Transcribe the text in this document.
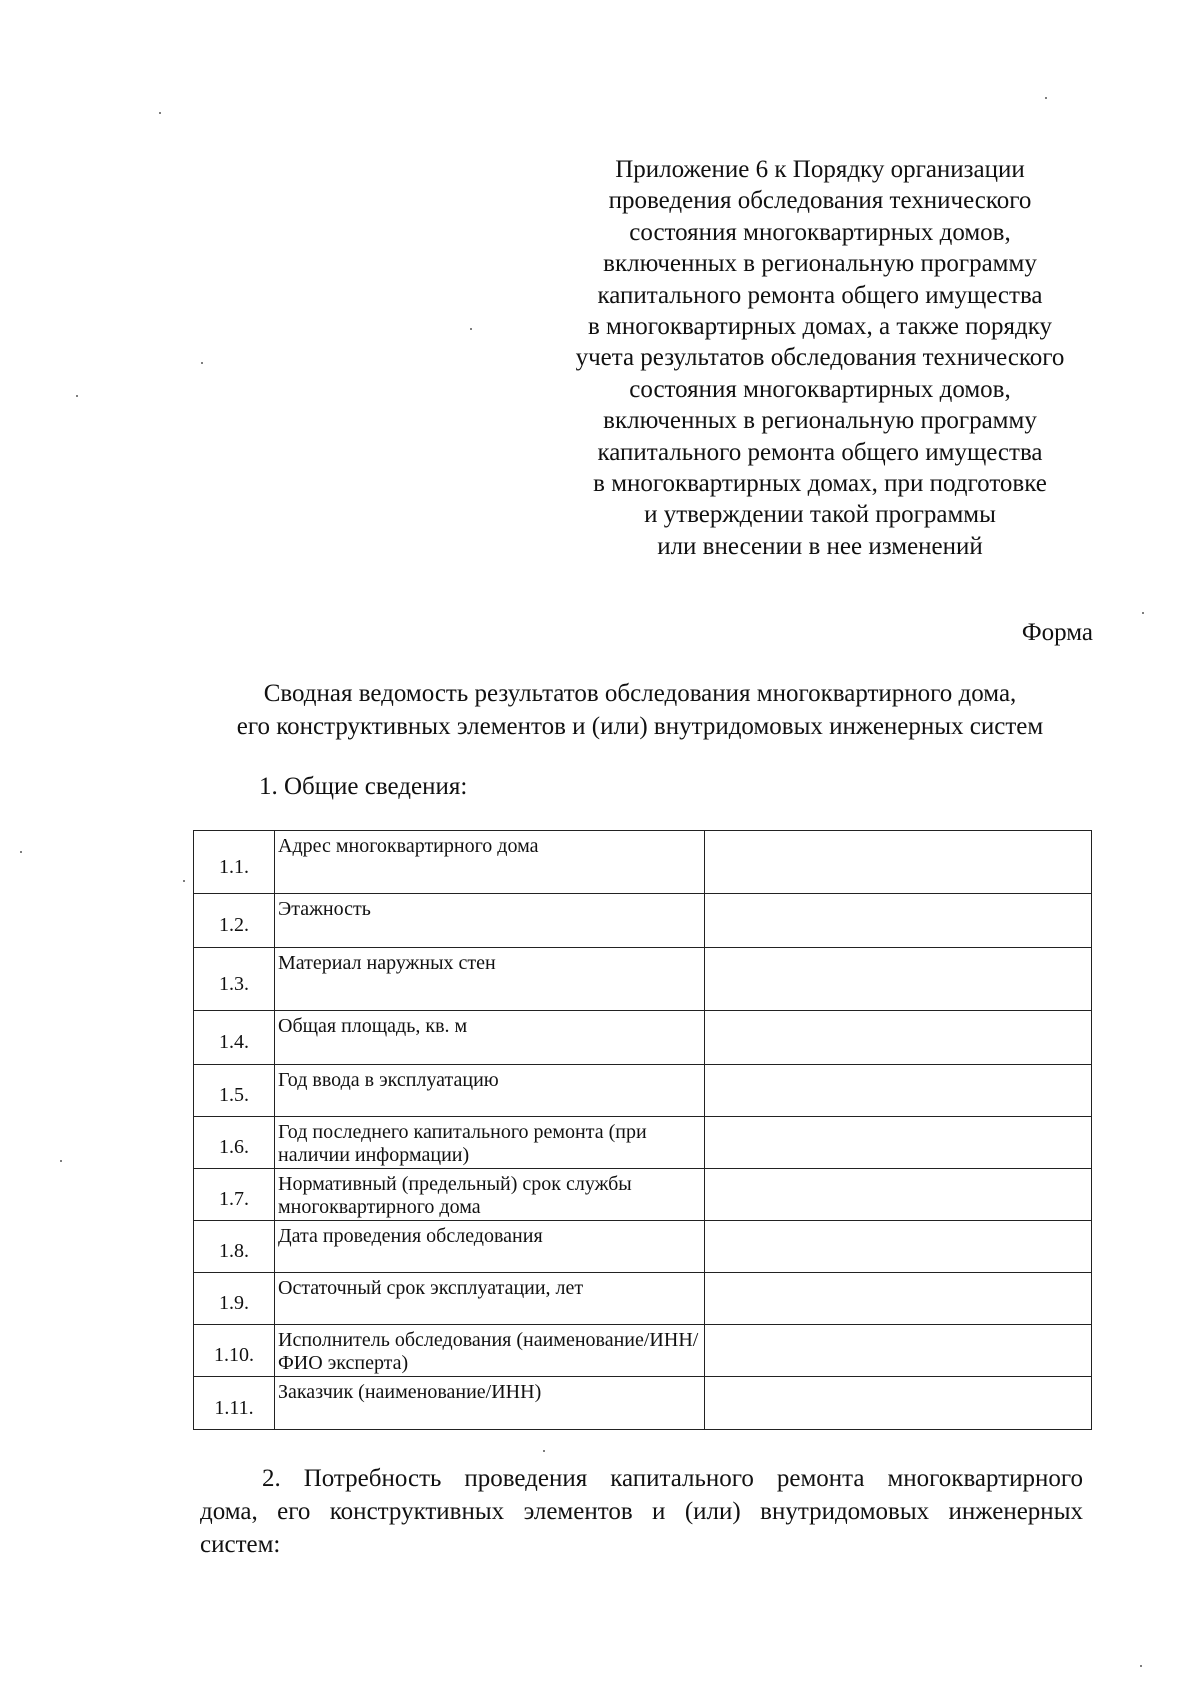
Приложение 6 к Порядку организации
проведения обследования технического
состояния многоквартирных домов,
включенных в региональную программу
капитального ремонта общего имущества
в многоквартирных домах, а также порядку
учета результатов обследования технического
состояния многоквартирных домов,
включенных в региональную программу
капитального ремонта общего имущества
в многоквартирных домах, при подготовке
и утверждении такой программы
или внесении в нее изменений
Форма
Сводная ведомость результатов обследования многоквартирного дома,
его конструктивных элементов и (или) внутридомовых инженерных систем
1. Общие сведения:
1.1.	Адрес многоквартирного дома	
1.2.	Этажность	
1.3.	Материал наружных стен	
1.4.	Общая площадь, кв. м	
1.5.	Год ввода в эксплуатацию	
1.6.	Год последнего капитального ремонта (при наличии информации)	
1.7.	Нормативный (предельный) срок службы многоквартирного дома	
1.8.	Дата проведения обследования	
1.9.	Остаточный срок эксплуатации, лет	
1.10.	Исполнитель обследования (наименование/ИНН/ФИО эксперта)	
1.11.	Заказчик (наименование/ИНН)	
2. Потребность проведения капитального ремонта многоквартирного
дома, его конструктивных элементов и (или) внутридомовых инженерных
систем:
